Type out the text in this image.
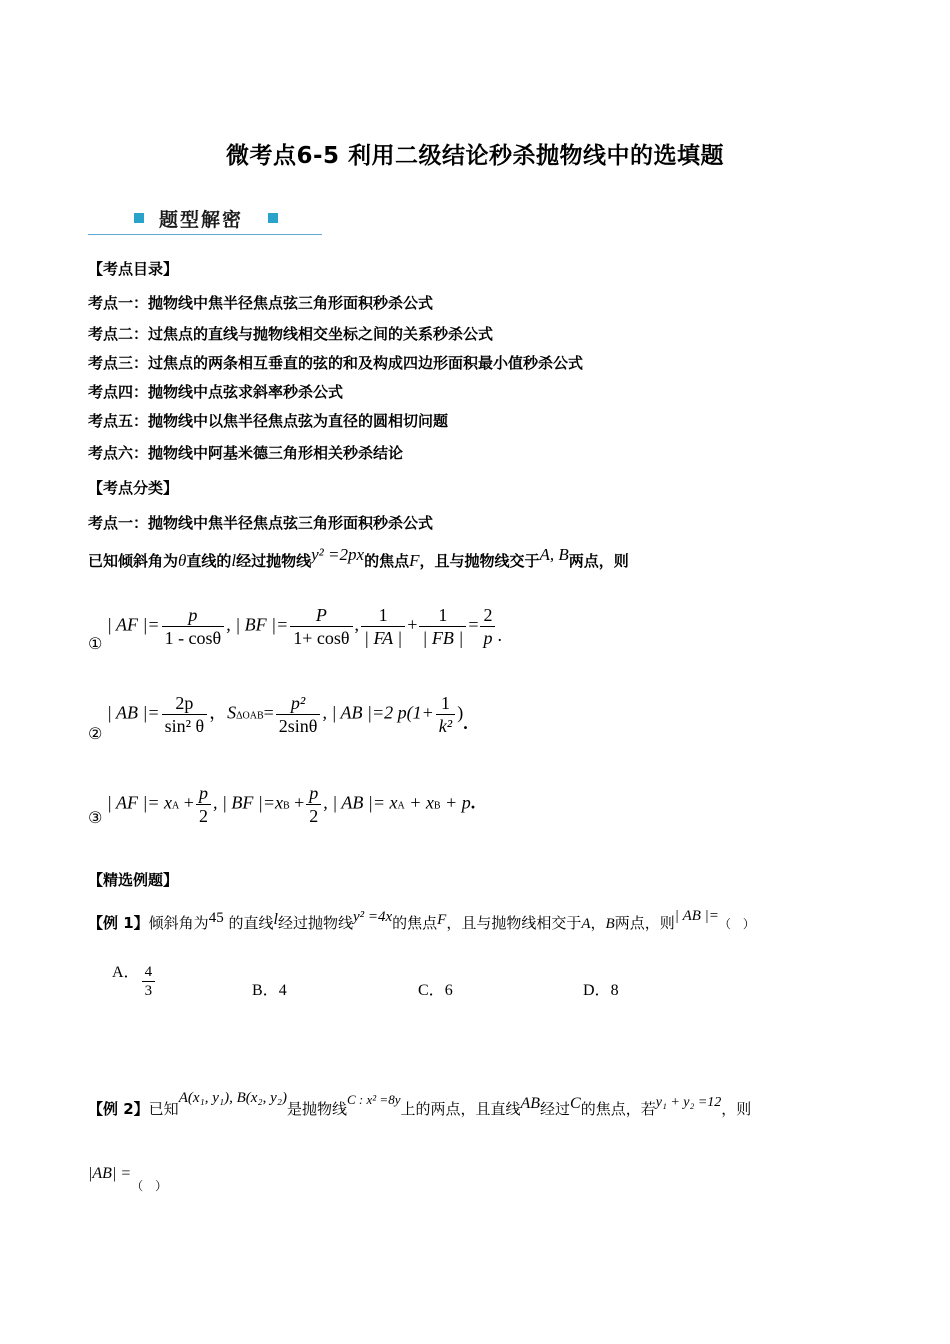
微考点6-5 利用二级结论秒杀抛物线中的选填题
题型解密
【考点目录】
考点一：抛物线中焦半径焦点弦三角形面积秒杀公式
考点二：过焦点的直线与抛物线相交坐标之间的关系秒杀公式
考点三：过焦点的两条相互垂直的弦的和及构成四边形面积最小值秒杀公式
考点四：抛物线中点弦求斜率秒杀公式
考点五：抛物线中以焦半径焦点弦为直径的圆相切问题
考点六：抛物线中阿基米德三角形相关秒杀结论
【考点分类】
考点一：抛物线中焦半径焦点弦三角形面积秒杀公式
已知倾斜角为θ直线的l经过抛物线y² =2px的焦点F，且与抛物线交于A, B两点，则
① | AF |= $\frac{p}{1 - \cos\theta}$ , | BF |= $\frac{P}{1+ \cos\theta}$ , $\frac{1}{| FA |} + \frac{1}{| FB |} = \frac{2}{p}$ .
② | AB |= $\frac{2p}{\text{sin² θ}}$ ，$S\Delta OAB= \frac{\text{p²}}{2\sin\theta}$ , | AB |=2 $p(1+ \frac{1}{\text{k²}}$ ).
③ | AF |= xA + $\frac{p}{2}$ , | BF $|=xB + \frac{p}{2}$ , | AB |= xA + xB + p.
【精选例题】
【例 1】倾斜角为45 的直线l经过抛物线y² =4x的焦点F，且与抛物线相交于A，B两点，则| AB |=（　）
A． $\frac{4}{3}$	B．4	C．6	D．8
【例 2】已知A(x₁, y₁), B(x₂, y₂)是抛物线C : x² =8y上的两点，且直线AB经过C的焦点，若y₁ + y₂ =12，则
$|AB| =_{( )}$
